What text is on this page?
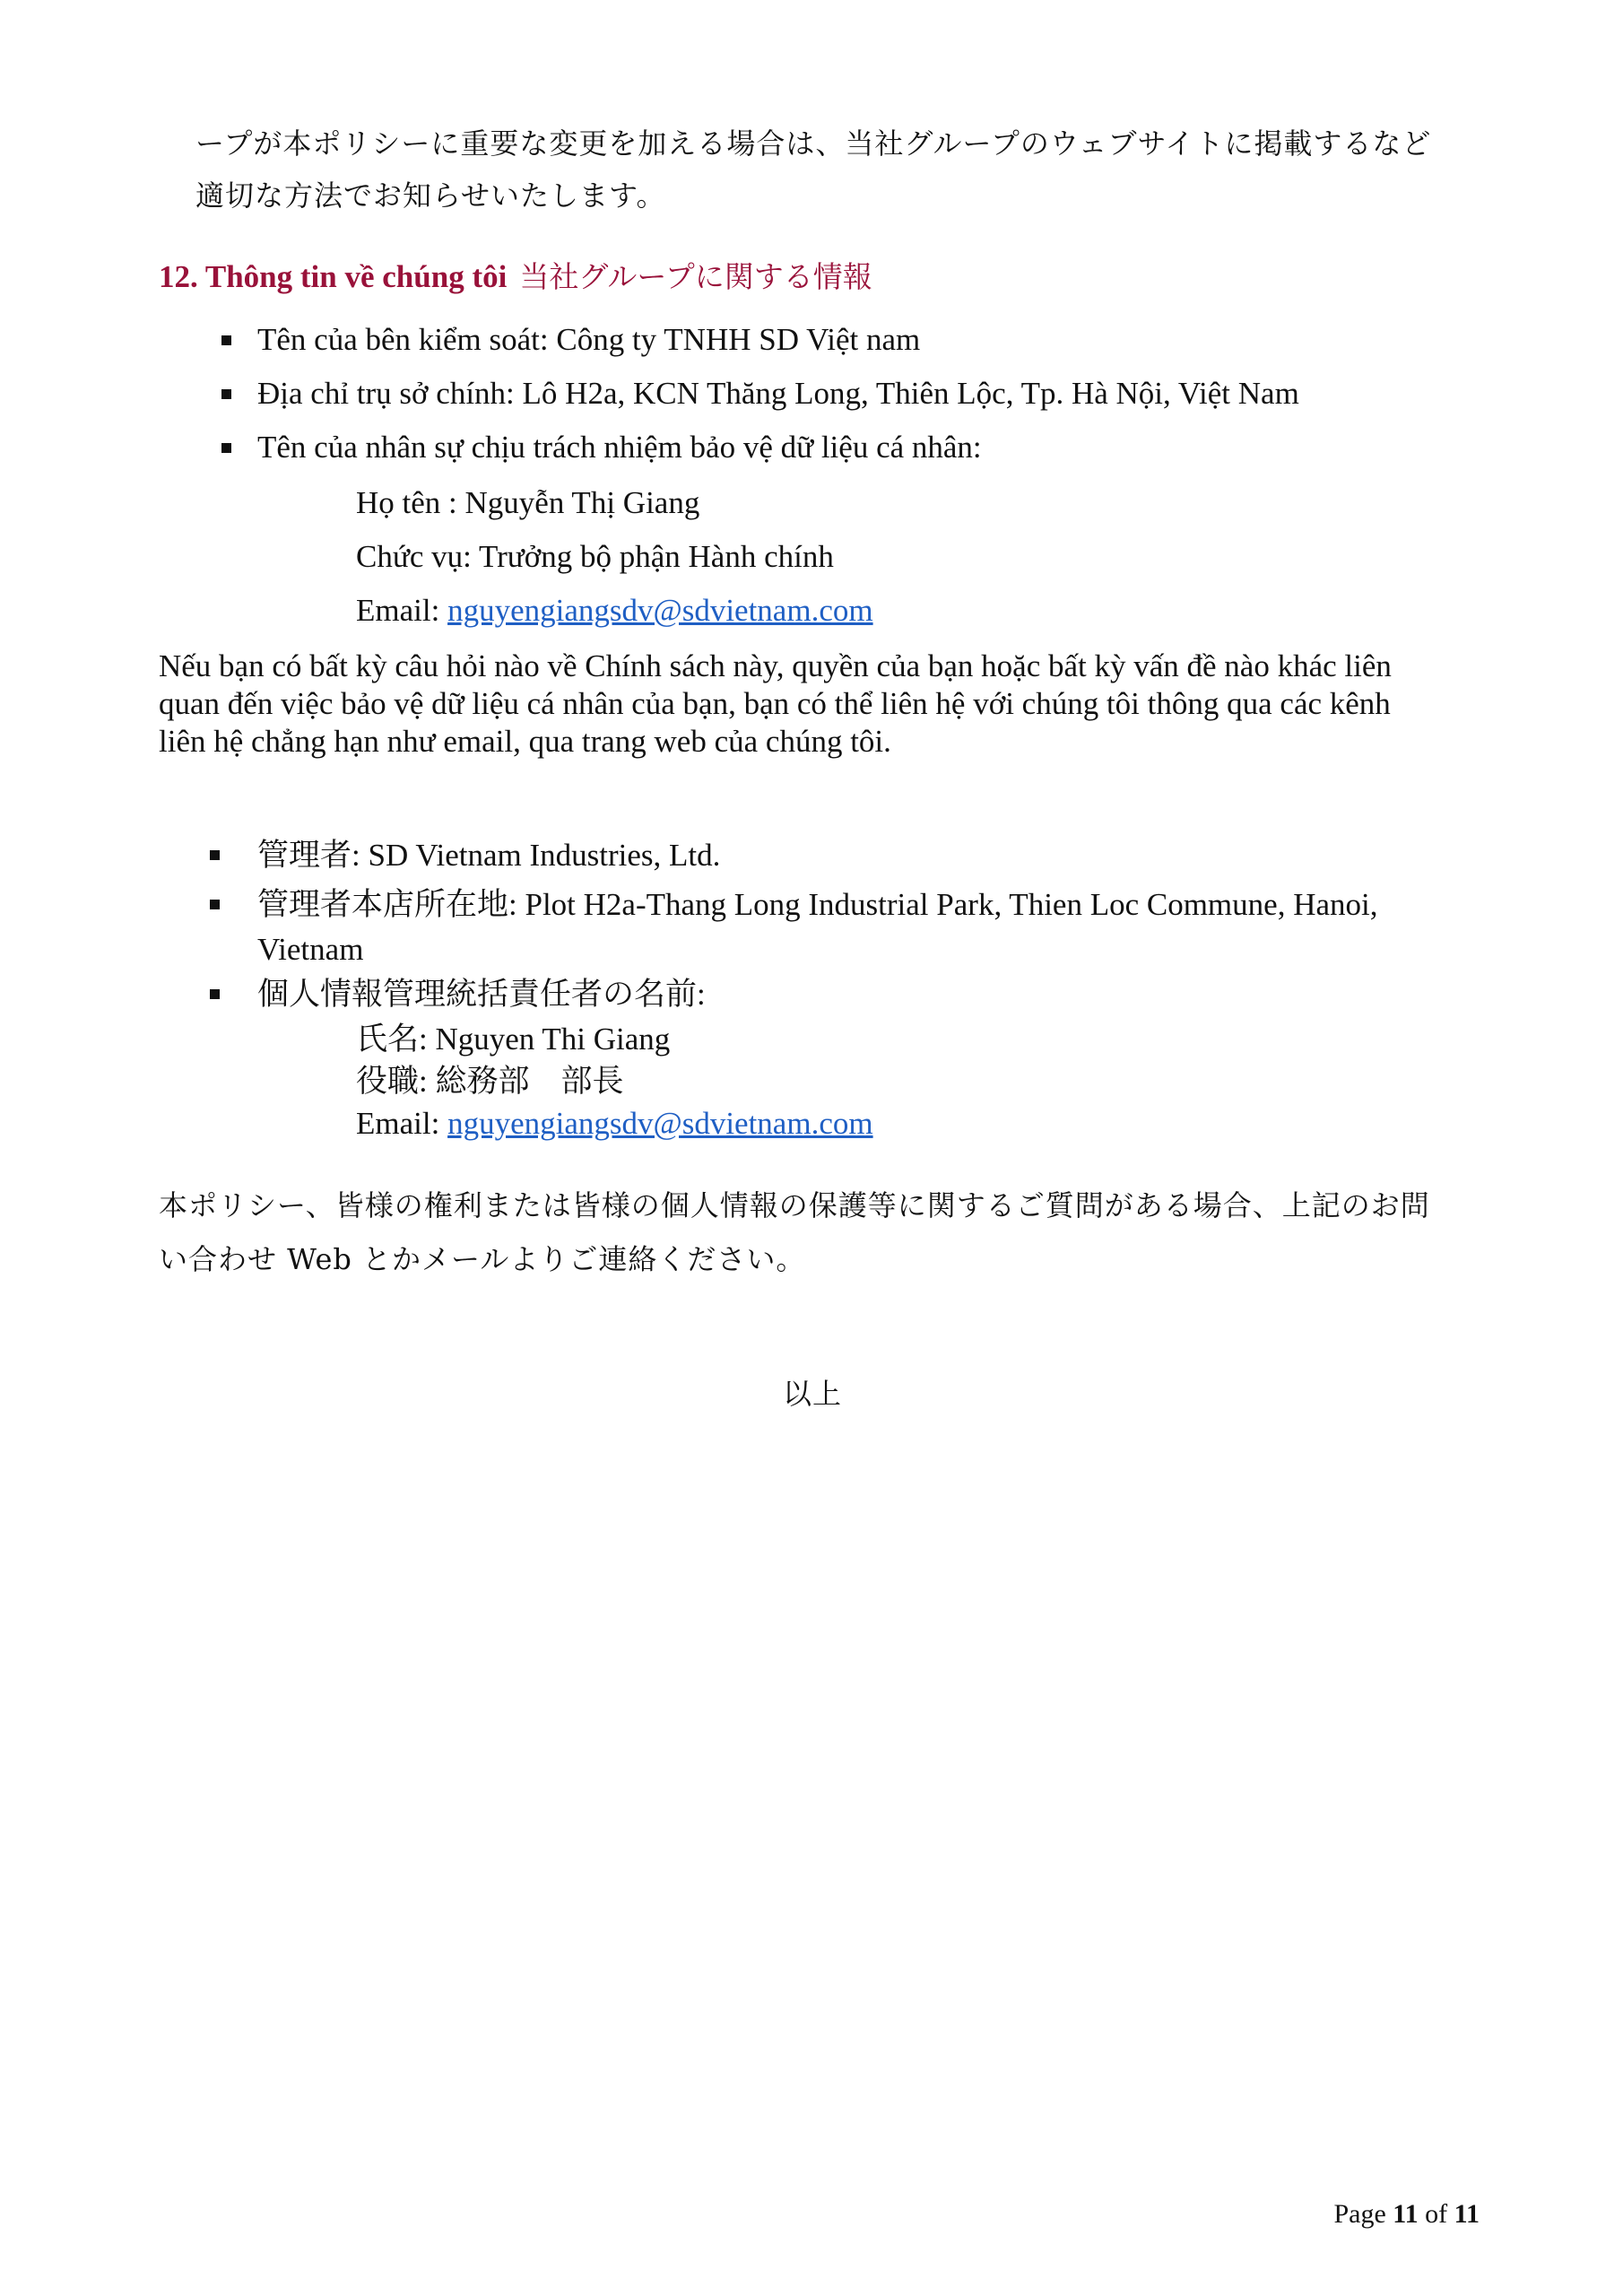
ープが本ポリシーに重要な変更を加える場合は、当社グループのウェブサイトに掲載するなど
適切な方法でお知らせいたします。
12. Thông tin về chúng tôi 当社グループに関する情報
Tên của bên kiểm soát: Công ty TNHH SD Việt nam
Địa chỉ trụ sở chính: Lô H2a, KCN Thăng Long, Thiên Lộc, Tp. Hà Nội, Việt Nam
Tên của nhân sự chịu trách nhiệm bảo vệ dữ liệu cá nhân:
Họ tên : Nguyễn Thị Giang
Chức vụ: Trưởng bộ phận Hành chính
Email: nguyengiangsdv@sdvietnam.com
Nếu bạn có bất kỳ câu hỏi nào về Chính sách này, quyền của bạn hoặc bất kỳ vấn đề nào khác liên
quan đến việc bảo vệ dữ liệu cá nhân của bạn, bạn có thể liên hệ với chúng tôi thông qua các kênh
liên hệ chẳng hạn như email, qua trang web của chúng tôi.
管理者: SD Vietnam Industries, Ltd.
管理者本店所在地: Plot H2a-Thang Long Industrial Park, Thien Loc Commune, Hanoi,
Vietnam
個人情報管理統括責任者の名前:
氏名: Nguyen Thi Giang
役職: 総務部　部長
Email: nguyengiangsdv@sdvietnam.com
本ポリシー、皆様の権利または皆様の個人情報の保護等に関するご質問がある場合、上記のお問
い合わせ Web とかメールよりご連絡ください。
以上
Page 11 of 11
